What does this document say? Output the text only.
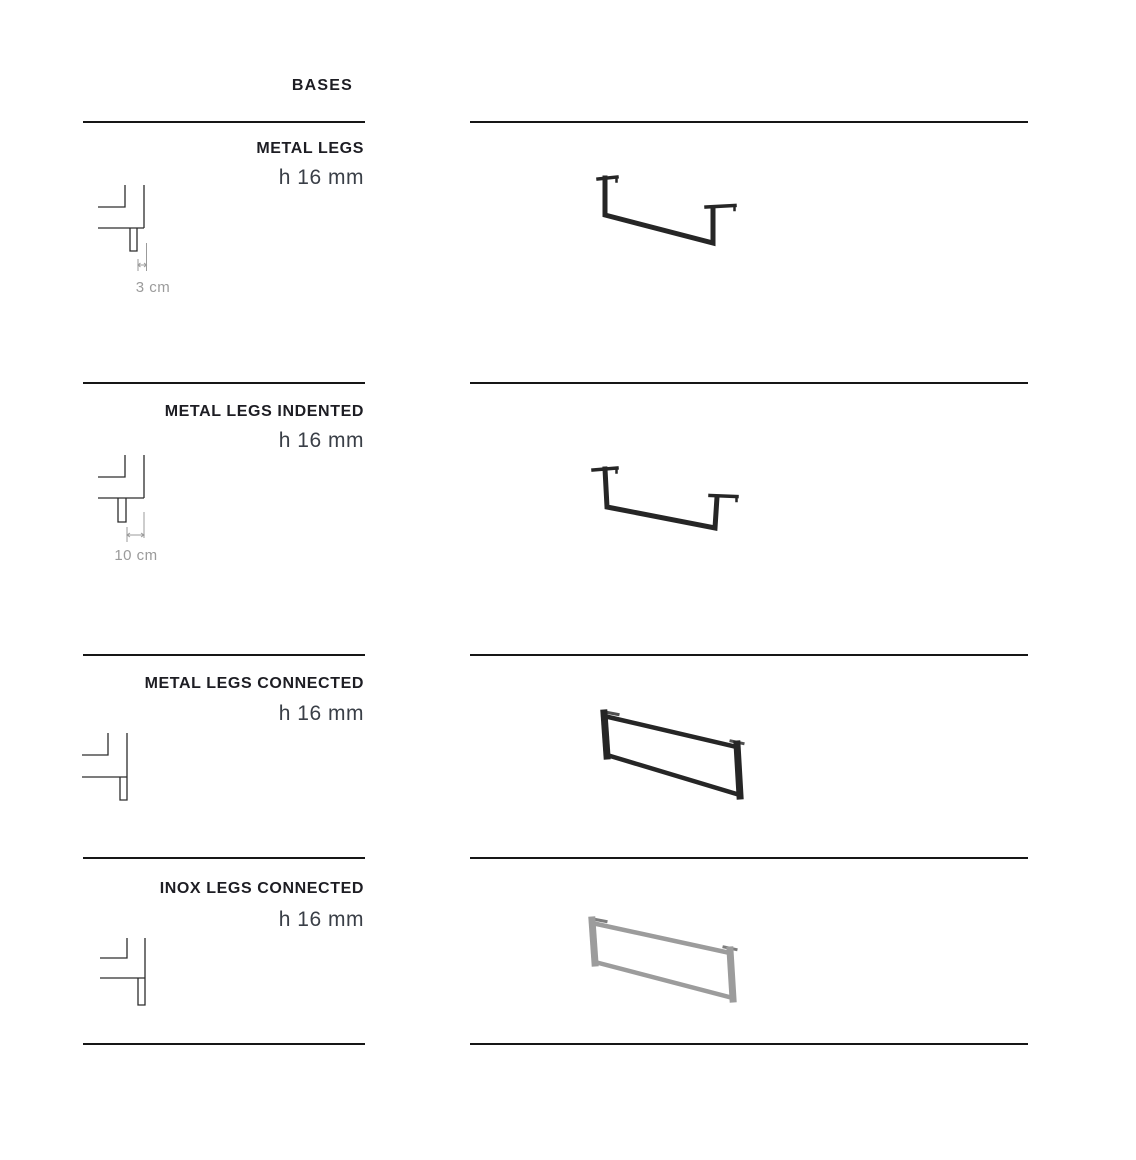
BASES
METAL LEGS
h 16 mm
3 cm
METAL LEGS INDENTED
h 16 mm
10 cm
METAL LEGS CONNECTED
h 16 mm
INOX LEGS CONNECTED
h 16 mm
